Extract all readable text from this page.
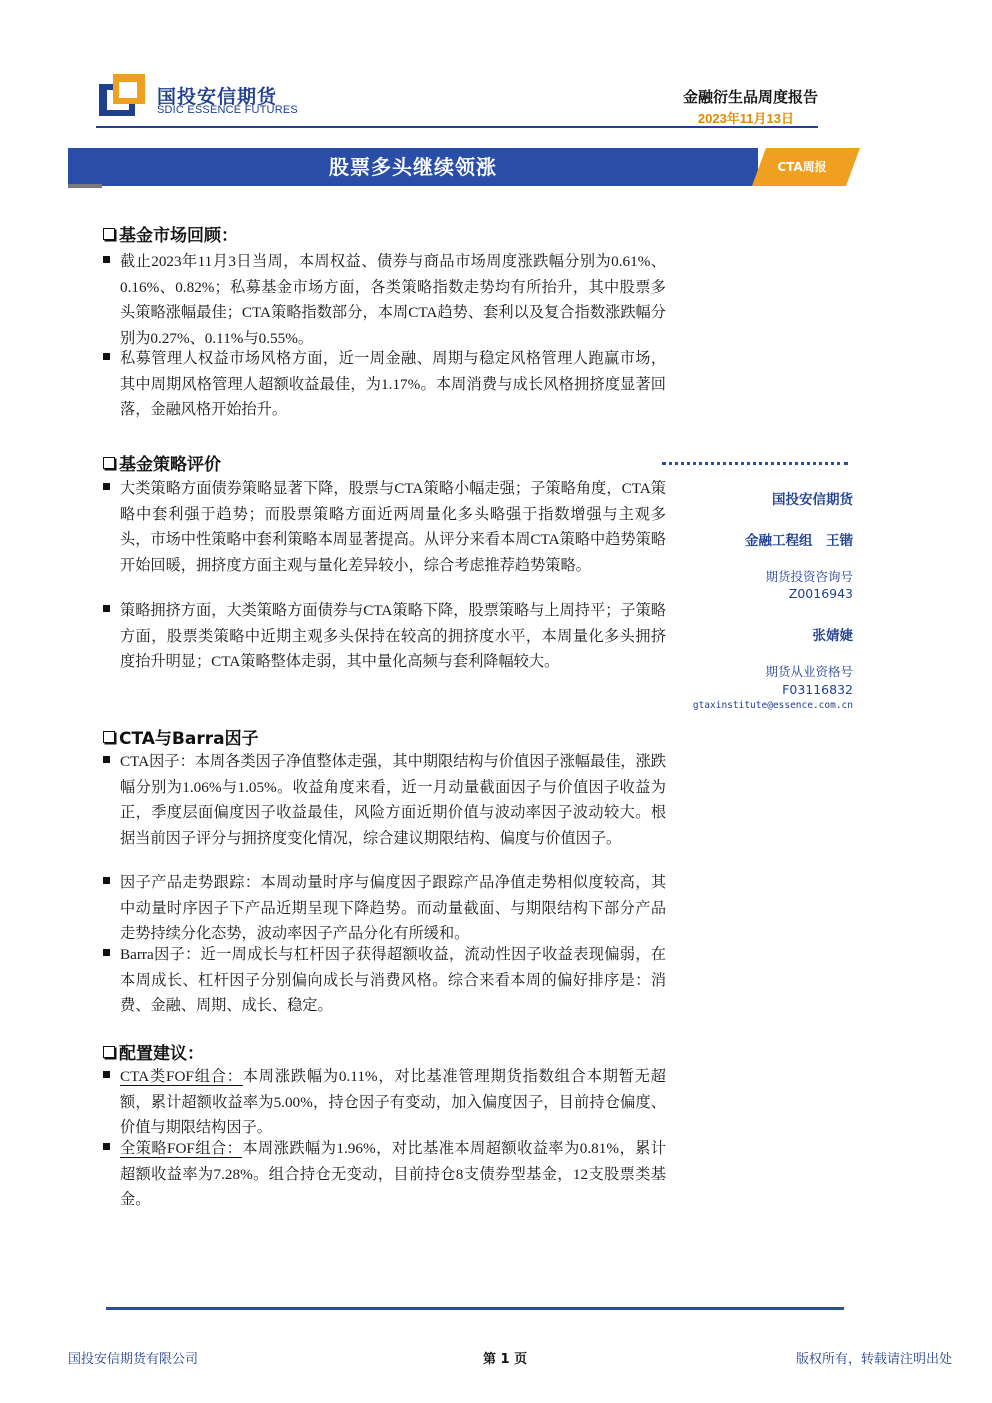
国投安信期货
SDIC ESSENCE FUTURES
金融衍生品周度报告
2023年11月13日
股票多头继续领涨	CTA周报
基金市场回顾：
截止2023年11月3日当周，本周权益、债券与商品市场周度涨跌幅分别为0.61%、0.16%、0.82%；私募基金市场方面，各类策略指数走势均有所抬升，其中股票多头策略涨幅最佳；CTA策略指数部分，本周CTA趋势、套利以及复合指数涨跌幅分别为0.27%、0.11%与0.55%。
私募管理人权益市场风格方面，近一周金融、周期与稳定风格管理人跑赢市场，其中周期风格管理人超额收益最佳，为1.17%。本周消费与成长风格拥挤度显著回落，金融风格开始抬升。
基金策略评价
大类策略方面债券策略显著下降，股票与CTA策略小幅走强；子策略角度，CTA策略中套利强于趋势；而股票策略方面近两周量化多头略强于指数增强与主观多头，市场中性策略中套利策略本周显著提高。从评分来看本周CTA策略中趋势策略开始回暖，拥挤度方面主观与量化差异较小，综合考虑推荐趋势策略。
策略拥挤方面，大类策略方面债券与CTA策略下降，股票策略与上周持平；子策略方面，股票类策略中近期主观多头保持在较高的拥挤度水平，本周量化多头拥挤度抬升明显；CTA策略整体走弱，其中量化高频与套利降幅较大。
CTA与Barra因子
CTA因子：本周各类因子净值整体走强，其中期限结构与价值因子涨幅最佳，涨跌幅分别为1.06%与1.05%。收益角度来看，近一月动量截面因子与价值因子收益为正，季度层面偏度因子收益最佳，风险方面近期价值与波动率因子波动较大。根据当前因子评分与拥挤度变化情况，综合建议期限结构、偏度与价值因子。
因子产品走势跟踪：本周动量时序与偏度因子跟踪产品净值走势相似度较高，其中动量时序因子下产品近期呈现下降趋势。而动量截面、与期限结构下部分产品走势持续分化态势，波动率因子产品分化有所缓和。
Barra因子：近一周成长与杠杆因子获得超额收益，流动性因子收益表现偏弱，在本周成长、杠杆因子分别偏向成长与消费风格。综合来看本周的偏好排序是：消费、金融、周期、成长、稳定。
配置建议：
CTA类FOF组合：本周涨跌幅为0.11%，对比基准管理期货指数组合本期暂无超额，累计超额收益率为5.00%，持仓因子有变动，加入偏度因子，目前持仓偏度、价值与期限结构因子。
全策略FOF组合：本周涨跌幅为1.96%，对比基准本周超额收益率为0.81%，累计超额收益率为7.28%。组合持仓无变动，目前持仓8支债券型基金，12支股票类基金。
国投安信期货
金融工程组　王锴
期货投资咨询号
Z0016943
张婧婕
期货从业资格号
F03116832
gtaxinstitute@essence.com.cn
国投安信期货有限公司	第 1 页	版权所有，转载请注明出处
